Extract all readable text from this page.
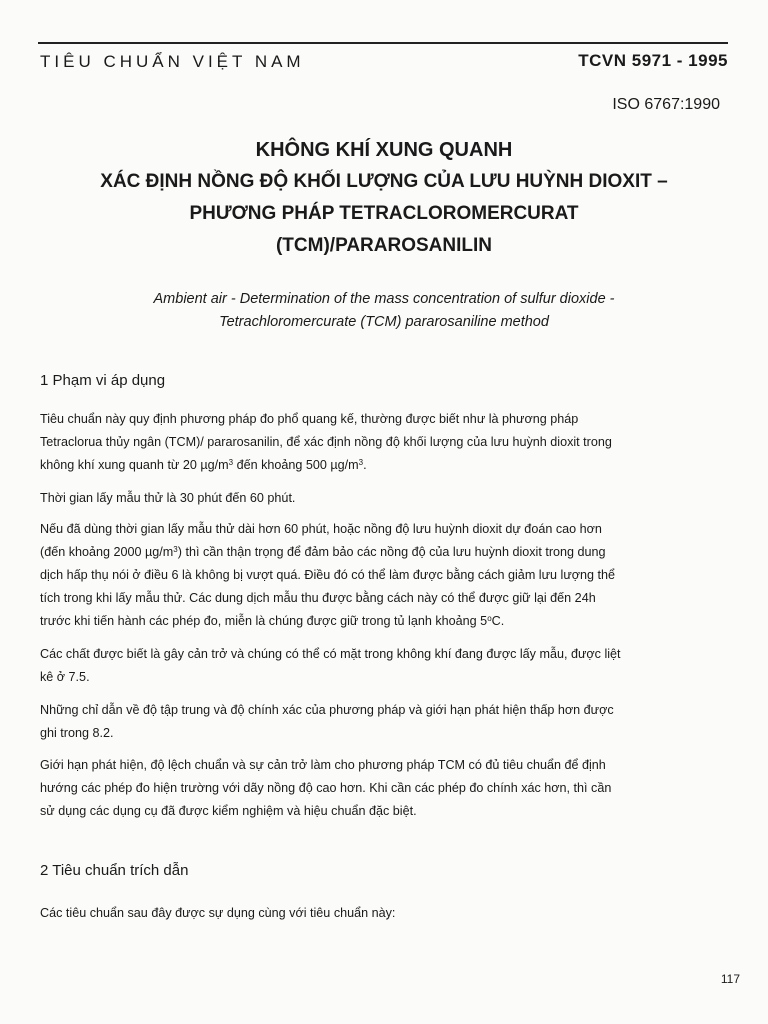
TIÊU CHUẨN VIỆT NAM	TCVN 5971 - 1995
ISO 6767:1990
KHÔNG KHÍ XUNG QUANH
XÁC ĐỊNH NỒNG ĐỘ KHỐI LƯỢNG CỦA LƯU HUỲNH DIOXIT –
PHƯƠNG PHÁP TETRACLOROMERCURAT
(TCM)/PARAROSANILIN
Ambient air - Determination of the mass concentration of sulfur dioxide -
Tetrachloromercurate (TCM) pararosaniline method
1 Phạm vi áp dụng
Tiêu chuẩn này quy định phương pháp đo phổ quang kế, thường được biết như là phương pháp
Tetraclorua thủy ngân (TCM)/ pararosanilin, để xác định nồng độ khối lượng của lưu huỳnh dioxit trong
không khí xung quanh từ 20 $\mu g/m^3$ đến khoảng 500 $\mu g/m^3$.
Thời gian lấy mẫu thử là 30 phút đến 60 phút.
Nếu đã dùng thời gian lấy mẫu thử dài hơn 60 phút, hoặc nồng độ lưu huỳnh dioxit dự đoán cao hơn
(đến khoảng 2000 $\mu g/m^3$) thì cần thận trọng để đảm bảo các nồng độ của lưu huỳnh dioxit trong dung
dịch hấp thụ nói ở điều 6 là không bị vượt quá. Điều đó có thể làm được bằng cách giảm lưu lượng thể
tích trong khi lấy mẫu thử. Các dung dịch mẫu thu được bằng cách này có thể được giữ lại đến 24h
trước khi tiến hành các phép đo, miễn là chúng được giữ trong tủ lạnh khoảng 5$^o$C.
Các chất được biết là gây cản trở và chúng có thể có mặt trong không khí đang được lấy mẫu, được liệt
kê ở 7.5.
Những chỉ dẫn về độ tập trung và độ chính xác của phương pháp và giới hạn phát hiện thấp hơn được
ghi trong 8.2.
Giới hạn phát hiện, độ lệch chuẩn và sự cản trở làm cho phương pháp TCM có đủ tiêu chuẩn để định
hướng các phép đo hiện trường với dãy nồng độ cao hơn. Khi cần các phép đo chính xác hơn, thì cần
sử dụng các dụng cụ đã được kiểm nghiệm và hiệu chuẩn đặc biệt.
2 Tiêu chuẩn trích dẫn
Các tiêu chuẩn sau đây được sự dụng cùng với tiêu chuẩn này:
117
